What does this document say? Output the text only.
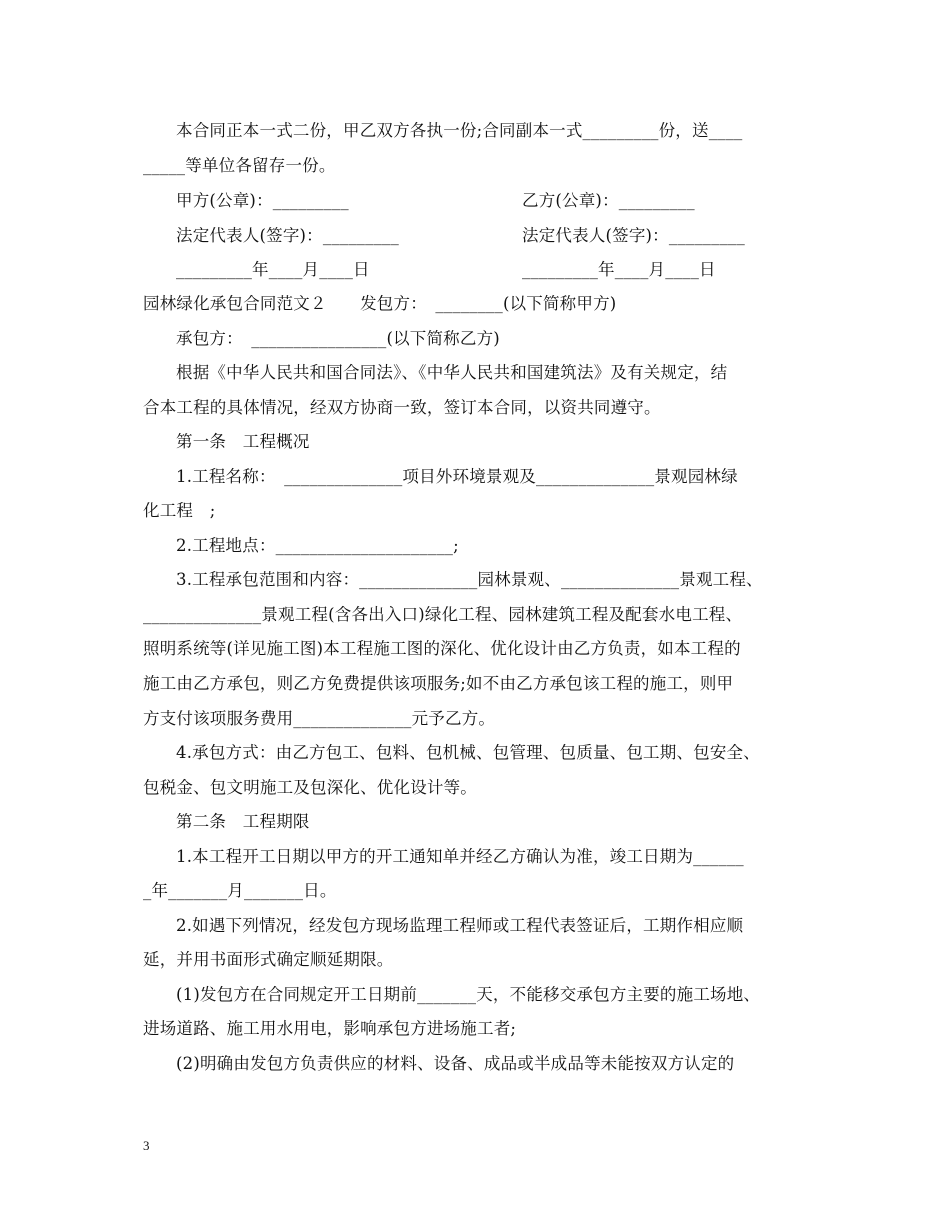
本合同正本一式二份，甲乙双方各执一份;合同副本一式_________份，送____
_____等单位各留存一份。
甲方(公章)：_________	乙方(公章)：_________
法定代表人(签字)：_________	法定代表人(签字)：_________
_________年____月____日	_________年____月____日
园林绿化承包合同范文２　　发包方：　________(以下简称甲方)
承包方：　________________(以下简称乙方)
根据《中华人民共和国合同法》、《中华人民共和国建筑法》及有关规定，结
合本工程的具体情况，经双方协商一致，签订本合同，以资共同遵守。
第一条　工程概况
1.工程名称：　______________项目外环境景观及______________景观园林绿
化工程　;
2.工程地点：_____________________;
3.工程承包范围和内容：______________园林景观、______________景观工程、
______________景观工程(含各出入口)绿化工程、园林建筑工程及配套水电工程、
照明系统等(详见施工图)本工程施工图的深化、优化设计由乙方负责，如本工程的
施工由乙方承包，则乙方免费提供该项服务;如不由乙方承包该工程的施工，则甲
方支付该项服务费用______________元予乙方。
4.承包方式：由乙方包工、包料、包机械、包管理、包质量、包工期、包安全、
包税金、包文明施工及包深化、优化设计等。
第二条　工程期限
1.本工程开工日期以甲方的开工通知单并经乙方确认为准，竣工日期为______
_年_______月_______日。
2.如遇下列情况，经发包方现场监理工程师或工程代表签证后，工期作相应顺
延，并用书面形式确定顺延期限。
(1)发包方在合同规定开工日期前_______天，不能移交承包方主要的施工场地、
进场道路、施工用水用电，影响承包方进场施工者;
(2)明确由发包方负责供应的材料、设备、成品或半成品等未能按双方认定的
3
